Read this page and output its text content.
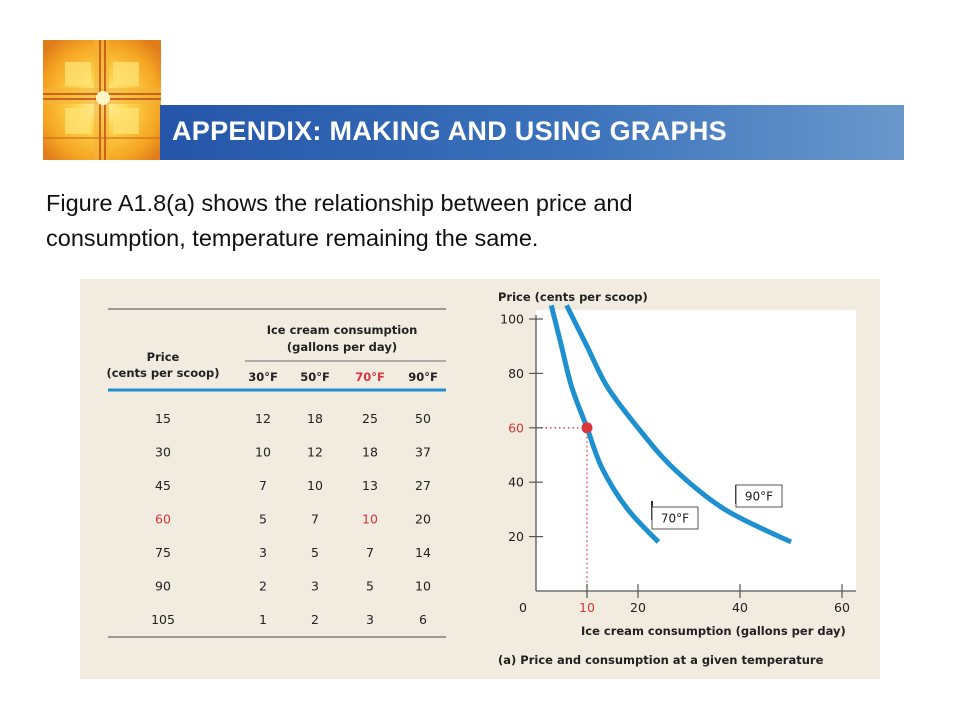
APPENDIX: MAKING AND USING GRAPHS
Figure A1.8(a) shows the relationship between price and
consumption, temperature remaining the same.
Price
(cents per scoop)
Ice cream consumption
(gallons per day)
30°F 50°F 70°F 90°F
15	12	18	25	50
30	10	12	18	37
45	7	10	13	27
60	5	7	10	20
75	3	5	7	14
90	2	3	5	10
105	1	2	3	6
Price (cents per scoop)
20
40
60
80
100
0	10	20	40	60
70°F
90°F
Ice cream consumption (gallons per day)
(a) Price and consumption at a given temperature
